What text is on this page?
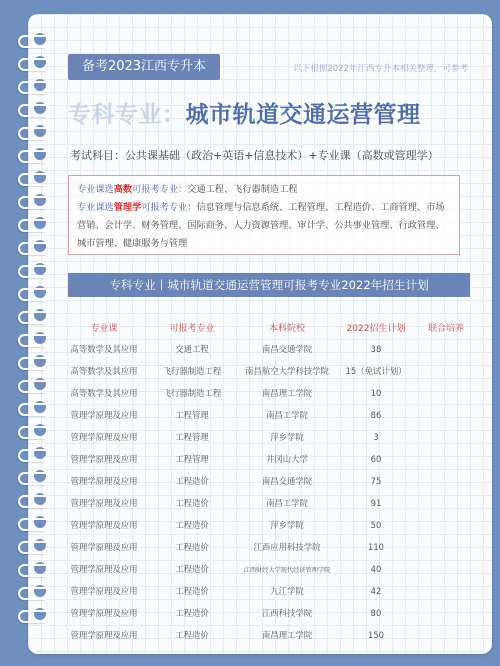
备考2023江西专升本	以下根据2022年江西专升本相关整理，可参考
专科专业：城市轨道交通运营管理
考试科目：公共课基础（政治+英语+信息技术）+专业课（高数或管理学）
专业课选高数可报考专业：交通工程、飞行器制造工程
专业课选管理学可报考专业：信息管理与信息系统、工程管理、工程造价、工商管理、市场营销、会计学、财务管理、国际商务、人力资源管理、审计学、公共事业管理、行政管理、城市管理、健康服务与管理
专科专业丨城市轨道交通运营管理可报考专业2022年招生计划
专业课	可报考专业	本科院校	2022招生计划	联合培养
高等数学及其应用	交通工程	南昌交通学院	38	
高等数学及其应用	飞行器制造工程	南昌航空大学科技学院	15（免试计划）	
高等数学及其应用	飞行器制造工程	南昌理工学院	10	
管理学原理及应用	工程管理	南昌工学院	86	
管理学原理及应用	工程管理	萍乡学院	3	
管理学原理及应用	工程管理	井冈山大学	60	
管理学原理及应用	工程造价	南昌交通学院	75	
管理学原理及应用	工程造价	南昌工学院	91	
管理学原理及应用	工程造价	萍乡学院	50	
管理学原理及应用	工程造价	江西应用科技学院	110	
管理学原理及应用	工程造价	江西财经大学现代经济管理学院	40	
管理学原理及应用	工程造价	九江学院	42	
管理学原理及应用	工程造价	江西科技学院	80	
管理学原理及应用	工程造价	南昌理工学院	150	
